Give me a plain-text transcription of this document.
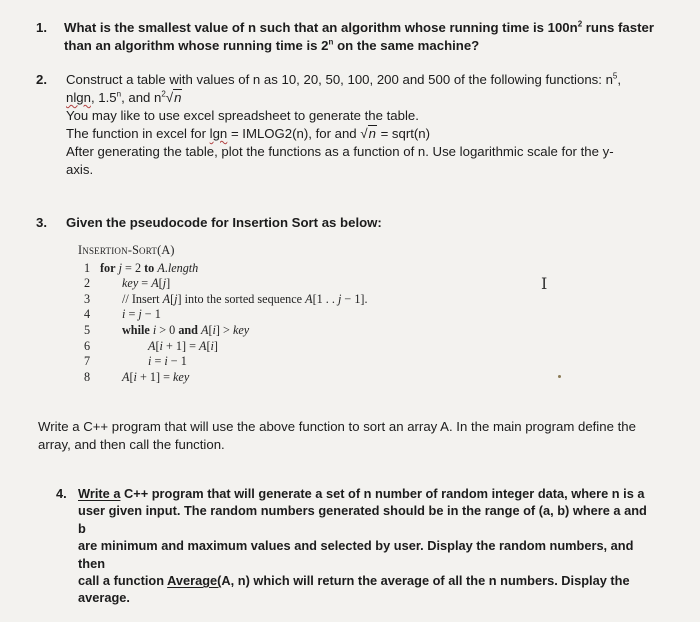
1. What is the smallest value of n such that an algorithm whose running time is $100n^2$ runs faster
than an algorithm whose running time is 2$^n$ on the same machine?
2. Construct a table with values of n as 10, 20, 50, 100, 200 and 500 of the following functions: $n^5$,
nlgn, 1.5$^n$, and $n^2√n$
You may like to use excel spreadsheet to generate the table.
The function in excel for lgn = IMLOG2(n), for and √n = sqrt(n)
After generating the table, plot the functions as a function of n. Use logarithmic scale for the y-
axis.
3. Given the pseudocode for Insertion Sort as below:
Insertion-Sort(A)
1 for j = 2 to A.length
2	key = A[j]
3	// Insert A[j] into the sorted sequence A[1 . . j − 1].
4	i = j − 1
5	while i > 0 and A[i] > key
6	A[i + 1] = A[i]
7	i = i − 1
8	A[i + 1] = key
I
Write a C++ program that will use the above function to sort an array A. In the main program define the
array, and then call the function.
4. Write a C++ program that will generate a set of n number of random integer data, where n is a
user given input. The random numbers generated should be in the range of (a, b) where a and b
are minimum and maximum values and selected by user. Display the random numbers, and then
call a function Average(A, n) which will return the average of all the n numbers. Display the
average.
